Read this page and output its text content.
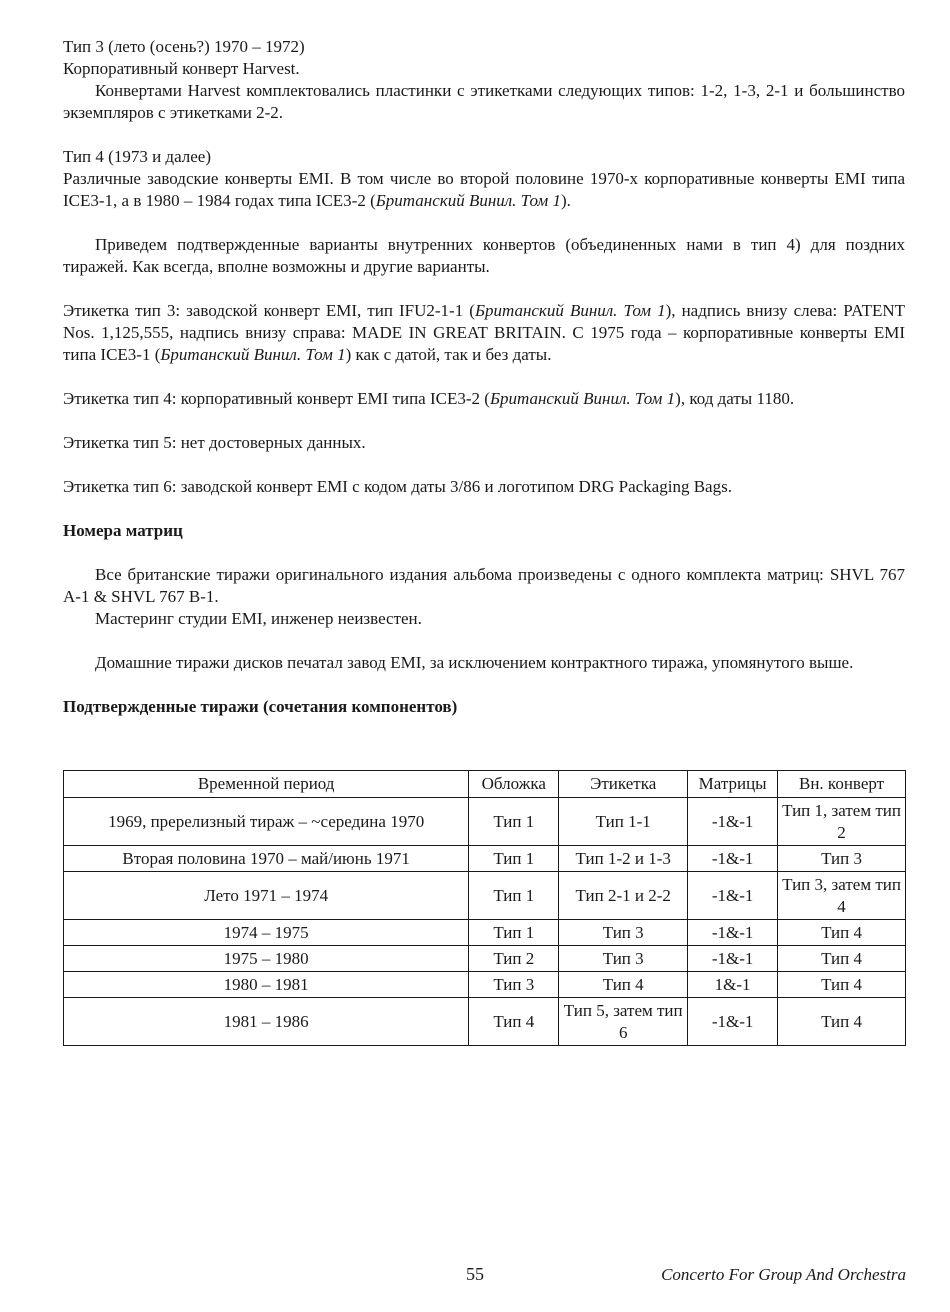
Тип 3 (лето (осень?) 1970 – 1972)

Корпоративный конверт Harvest.

Конвертами Harvest комплектовались пластинки с этикетками следующих типов: 1-2, 1-3, 2-1 и большинство экземпляров с этикетками 2-2.

Тип 4 (1973 и далее)

Различные заводские конверты EMI. В том числе во второй половине 1970-х корпоративные конверты EMI типа ICE3-1, а в 1980 – 1984 годах типа ICE3-2 (Британский Винил. Том 1).

Приведем подтвержденные варианты внутренних конвертов (объединенных нами в тип 4) для поздних тиражей. Как всегда, вполне возможны и другие варианты.

Этикетка тип 3: заводской конверт EMI, тип IFU2-1-1 (Британский Винил. Том 1), надпись внизу слева: PATENT Nos. 1,125,555, надпись внизу справа: MADE IN GREAT BRITAIN. С 1975 года – корпоративные конверты EMI типа ICE3-1 (Британский Винил. Том 1) как с датой, так и без даты.

Этикетка тип 4: корпоративный конверт EMI типа ICE3-2 (Британский Винил. Том 1), код даты 1180.

Этикетка тип 5: нет достоверных данных.

Этикетка тип 6: заводской конверт EMI с кодом даты 3/86 и логотипом DRG Packaging Bags.

Номера матриц

Все британские тиражи оригинального издания альбома произведены с одного комплекта матриц: SHVL 767 A-1 & SHVL 767 B-1.

Мастеринг студии EMI, инженер неизвестен.

Домашние тиражи дисков печатал завод EMI, за исключением контрактного тиража, упомянутого выше.

Подтвержденные тиражи (сочетания компонентов)

Временной период	Обложка	Этикетка	Матрицы	Вн. конверт
1969, пререлизный тираж – ~середина 1970	Тип 1	Тип 1-1	-1&-1	Тип 1, затем тип 2
Вторая половина 1970 – май/июнь 1971	Тип 1	Тип 1-2 и 1-3	-1&-1	Тип 3
Лето 1971 – 1974	Тип 1	Тип 2-1 и 2-2	-1&-1	Тип 3, затем тип 4
1974 – 1975	Тип 1	Тип 3	-1&-1	Тип 4
1975 – 1980	Тип 2	Тип 3	-1&-1	Тип 4
1980 – 1981	Тип 3	Тип 4	1&-1	Тип 4
1981 – 1986	Тип 4	Тип 5, затем тип 6	-1&-1	Тип 4
55	Concerto For Group And Orchestra
